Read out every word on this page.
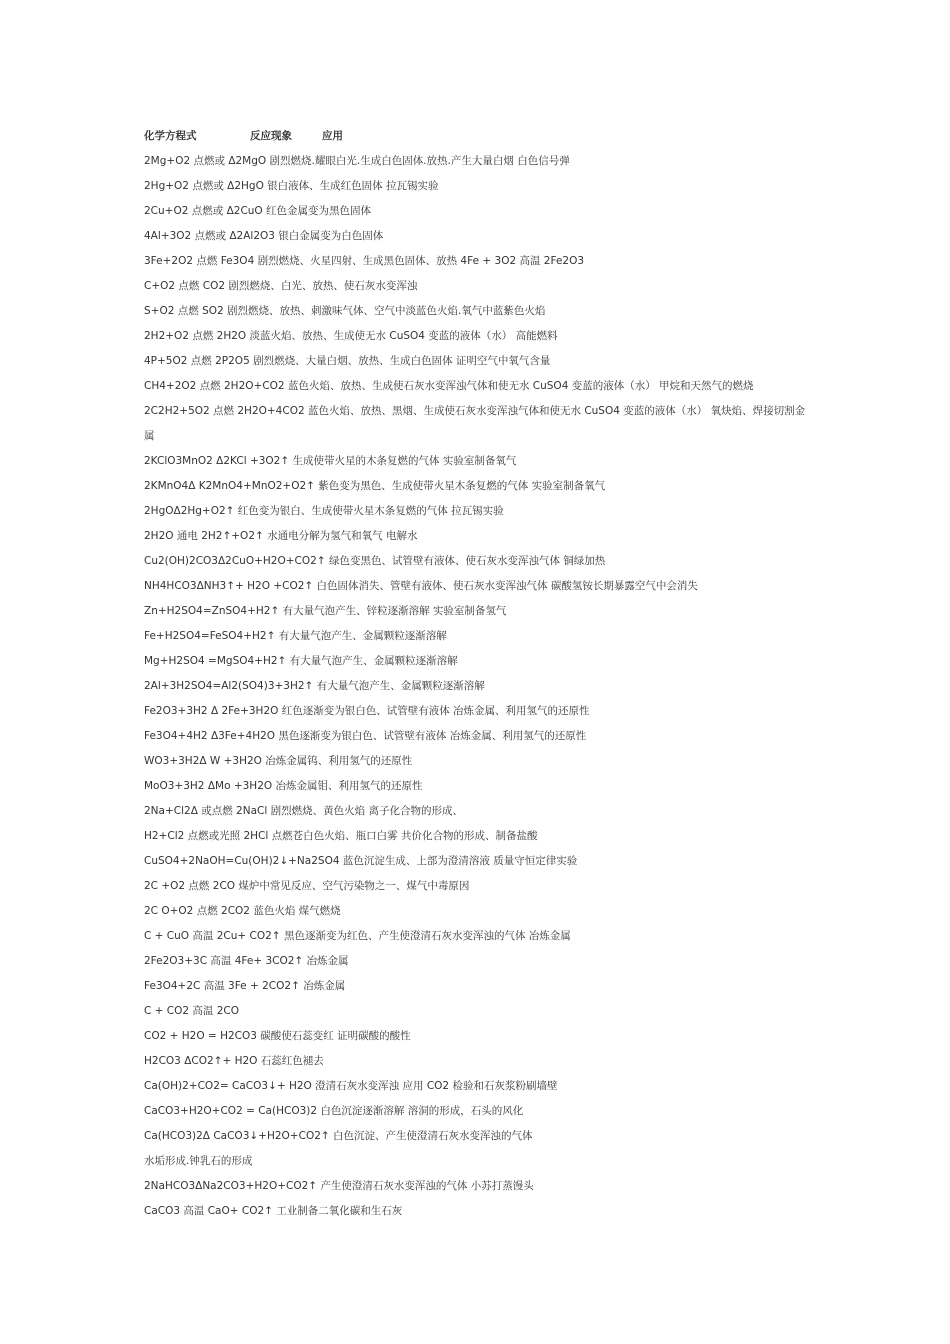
化学方程式	反应现象	应用
2Mg+O2 点燃或 Δ2MgO 剧烈燃烧.耀眼白光.生成白色固体.放热.产生大量白烟 白色信号弹
2Hg+O2 点燃或 Δ2HgO 银白液体、生成红色固体 拉瓦锡实验
2Cu+O2 点燃或 Δ2CuO 红色金属变为黑色固体
4Al+3O2 点燃或 Δ2Al2O3 银白金属变为白色固体
3Fe+2O2 点燃 Fe3O4 剧烈燃烧、火星四射、生成黑色固体、放热 4Fe + 3O2 高温 2Fe2O3
C+O2 点燃 CO2 剧烈燃烧、白光、放热、使石灰水变浑浊
S+O2 点燃 SO2 剧烈燃烧、放热、刺激味气体、空气中淡蓝色火焰.氧气中蓝紫色火焰
2H2+O2 点燃 2H2O 淡蓝火焰、放热、生成使无水 CuSO4 变蓝的液体（水） 高能燃料
4P+5O2 点燃 2P2O5 剧烈燃烧、大量白烟、放热、生成白色固体 证明空气中氧气含量
CH4+2O2 点燃 2H2O+CO2 蓝色火焰、放热、生成使石灰水变浑浊气体和使无水 CuSO4 变蓝的液体（水） 甲烷和天然气的燃烧
2C2H2+5O2 点燃 2H2O+4CO2 蓝色火焰、放热、黑烟、生成使石灰水变浑浊气体和使无水 CuSO4 变蓝的液体（水） 氧炔焰、焊接切割金属
2KClO3MnO2 Δ2KCl +3O2↑ 生成使带火星的木条复燃的气体 实验室制备氧气
2KMnO4Δ K2MnO4+MnO2+O2↑ 紫色变为黑色、生成使带火星木条复燃的气体 实验室制备氧气
2HgOΔ2Hg+O2↑ 红色变为银白、生成使带火星木条复燃的气体 拉瓦锡实验
2H2O 通电 2H2↑+O2↑ 水通电分解为氢气和氧气 电解水
Cu2(OH)2CO3Δ2CuO+H2O+CO2↑ 绿色变黑色、试管壁有液体、使石灰水变浑浊气体 铜绿加热
NH4HCO3ΔNH3↑+ H2O +CO2↑ 白色固体消失、管壁有液体、使石灰水变浑浊气体 碳酸氢铵长期暴露空气中会消失
Zn+H2SO4=ZnSO4+H2↑ 有大量气泡产生、锌粒逐渐溶解 实验室制备氢气
Fe+H2SO4=FeSO4+H2↑ 有大量气泡产生、金属颗粒逐渐溶解
Mg+H2SO4 =MgSO4+H2↑ 有大量气泡产生、金属颗粒逐渐溶解
2Al+3H2SO4=Al2(SO4)3+3H2↑ 有大量气泡产生、金属颗粒逐渐溶解
Fe2O3+3H2 Δ 2Fe+3H2O 红色逐渐变为银白色、试管壁有液体 冶炼金属、利用氢气的还原性
Fe3O4+4H2 Δ3Fe+4H2O 黑色逐渐变为银白色、试管壁有液体 冶炼金属、利用氢气的还原性
WO3+3H2Δ W +3H2O 冶炼金属钨、利用氢气的还原性
MoO3+3H2 ΔMo +3H2O 冶炼金属钼、利用氢气的还原性
2Na+Cl2Δ 或点燃 2NaCl 剧烈燃烧、黄色火焰 离子化合物的形成、
H2+Cl2 点燃或光照 2HCl 点燃苍白色火焰、瓶口白雾 共价化合物的形成、制备盐酸
CuSO4+2NaOH=Cu(OH)2↓+Na2SO4 蓝色沉淀生成、上部为澄清溶液 质量守恒定律实验
2C +O2 点燃 2CO 煤炉中常见反应、空气污染物之一、煤气中毒原因
2C O+O2 点燃 2CO2 蓝色火焰 煤气燃烧
C + CuO 高温 2Cu+ CO2↑ 黑色逐渐变为红色、产生使澄清石灰水变浑浊的气体 冶炼金属
2Fe2O3+3C 高温 4Fe+ 3CO2↑ 冶炼金属
Fe3O4+2C 高温 3Fe + 2CO2↑ 冶炼金属
C + CO2 高温 2CO
CO2 + H2O = H2CO3 碳酸使石蕊变红 证明碳酸的酸性
H2CO3 ΔCO2↑+ H2O 石蕊红色褪去
Ca(OH)2+CO2= CaCO3↓+ H2O 澄清石灰水变浑浊 应用 CO2 检验和石灰浆粉刷墙壁
CaCO3+H2O+CO2 = Ca(HCO3)2 白色沉淀逐渐溶解 溶洞的形成，石头的风化
Ca(HCO3)2Δ CaCO3↓+H2O+CO2↑ 白色沉淀、产生使澄清石灰水变浑浊的气体
水垢形成.钟乳石的形成
2NaHCO3ΔNa2CO3+H2O+CO2↑ 产生使澄清石灰水变浑浊的气体 小苏打蒸馒头
CaCO3 高温 CaO+ CO2↑ 工业制备二氧化碳和生石灰
